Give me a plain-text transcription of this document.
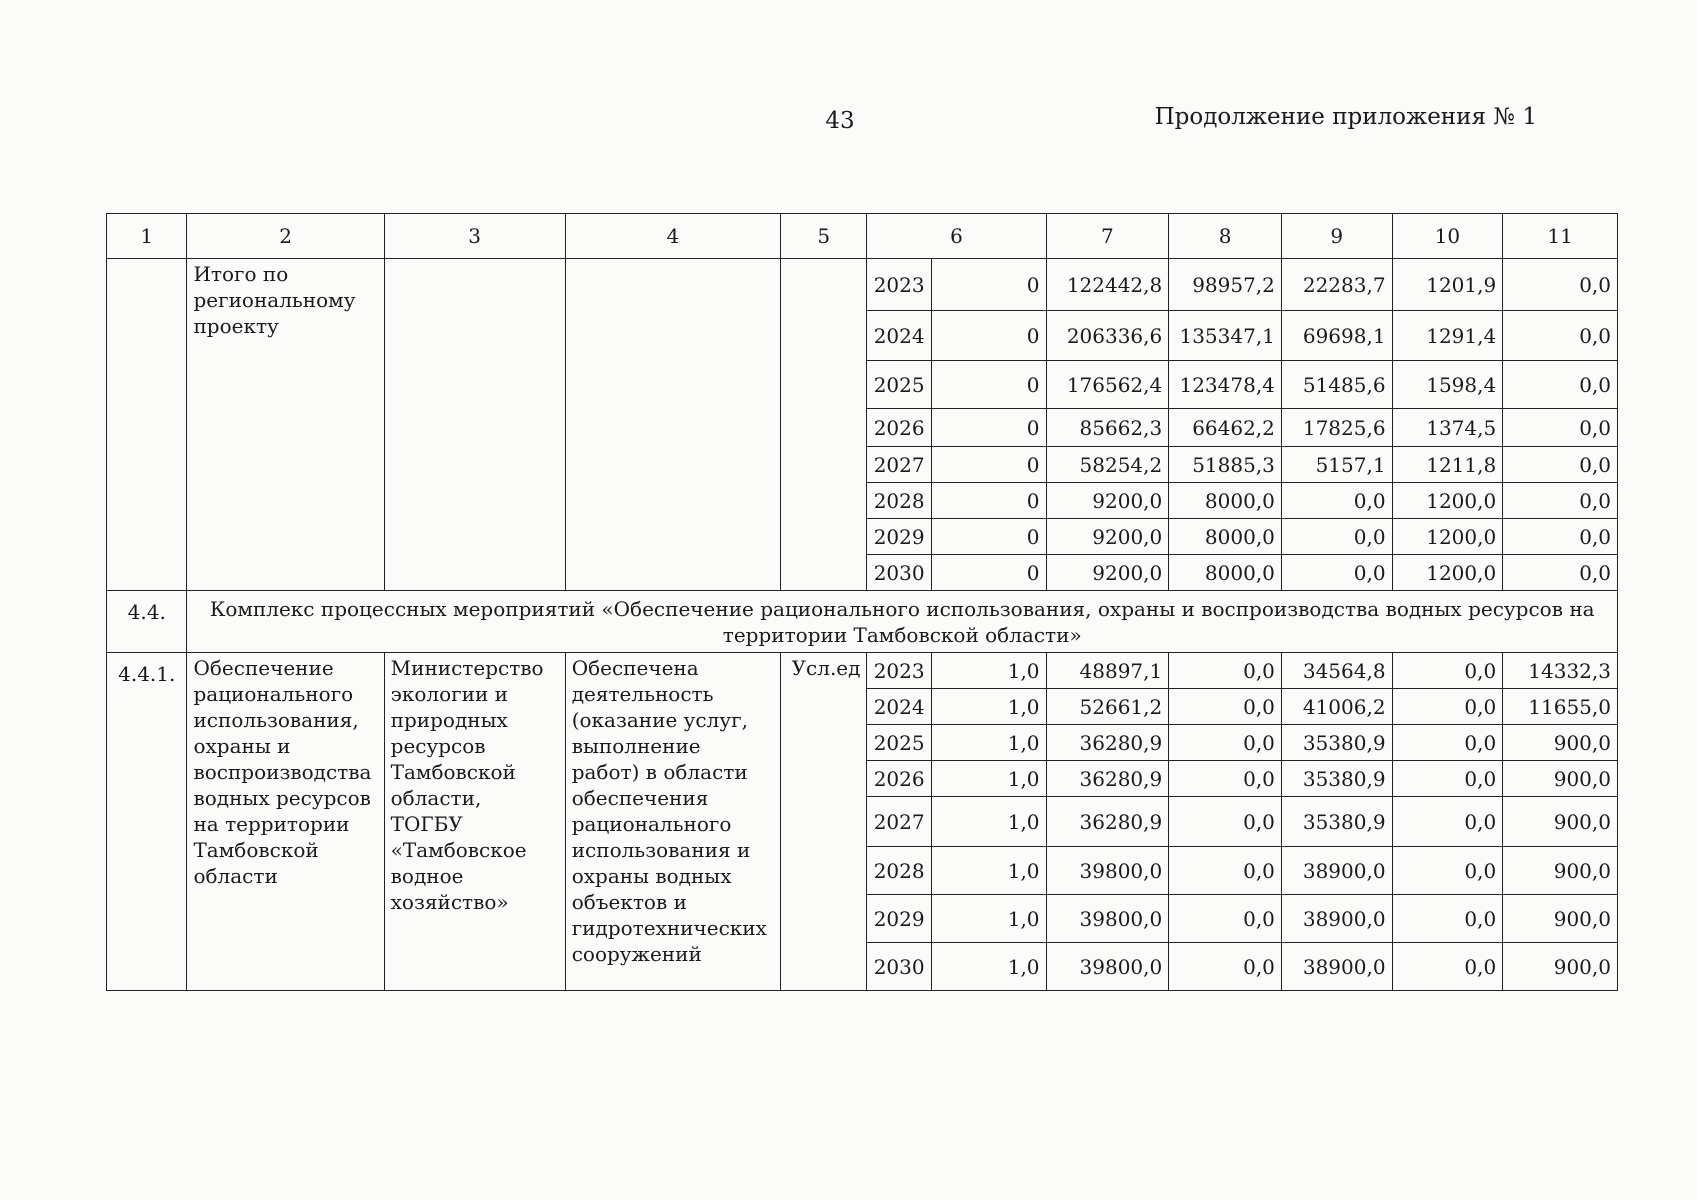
43	Продолжение приложения № 1
1	2	3	4	5	6		7	8	9	10	11
	Итого по региональному проекту				2023	0	122442,8	98957,2	22283,7	1201,9	0,0
					2024	0	206336,6	135347,1	69698,1	1291,4	0,0
					2025	0	176562,4	123478,4	51485,6	1598,4	0,0
					2026	0	85662,3	66462,2	17825,6	1374,5	0,0
					2027	0	58254,2	51885,3	5157,1	1211,8	0,0
					2028	0	9200,0	8000,0	0,0	1200,0	0,0
					2029	0	9200,0	8000,0	0,0	1200,0	0,0
					2030	0	9200,0	8000,0	0,0	1200,0	0,0
4.4.	Комплекс процессных мероприятий «Обеспечение рационального использования, охраны и воспроизводства водных ресурсов на территории Тамбовской области»										
4.4.1.	Обеспечение рационального использования, охраны и воспроизводства водных ресурсов на территории Тамбовской области	Министерство экологии и природных ресурсов Тамбовской области, ТОГБУ «Тамбовское водное хозяйство»	Обеспечена деятельность (оказание услуг, выполнение работ) в области обеспечения рационального использования и охраны водных объектов и гидротехнических сооружений	Усл.ед	2023	1,0	48897,1	0,0	34564,8	0,0	14332,3
					2024	1,0	52661,2	0,0	41006,2	0,0	11655,0
					2025	1,0	36280,9	0,0	35380,9	0,0	900,0
					2026	1,0	36280,9	0,0	35380,9	0,0	900,0
					2027	1,0	36280,9	0,0	35380,9	0,0	900,0
					2028	1,0	39800,0	0,0	38900,0	0,0	900,0
					2029	1,0	39800,0	0,0	38900,0	0,0	900,0
					2030	1,0	39800,0	0,0	38900,0	0,0	900,0
